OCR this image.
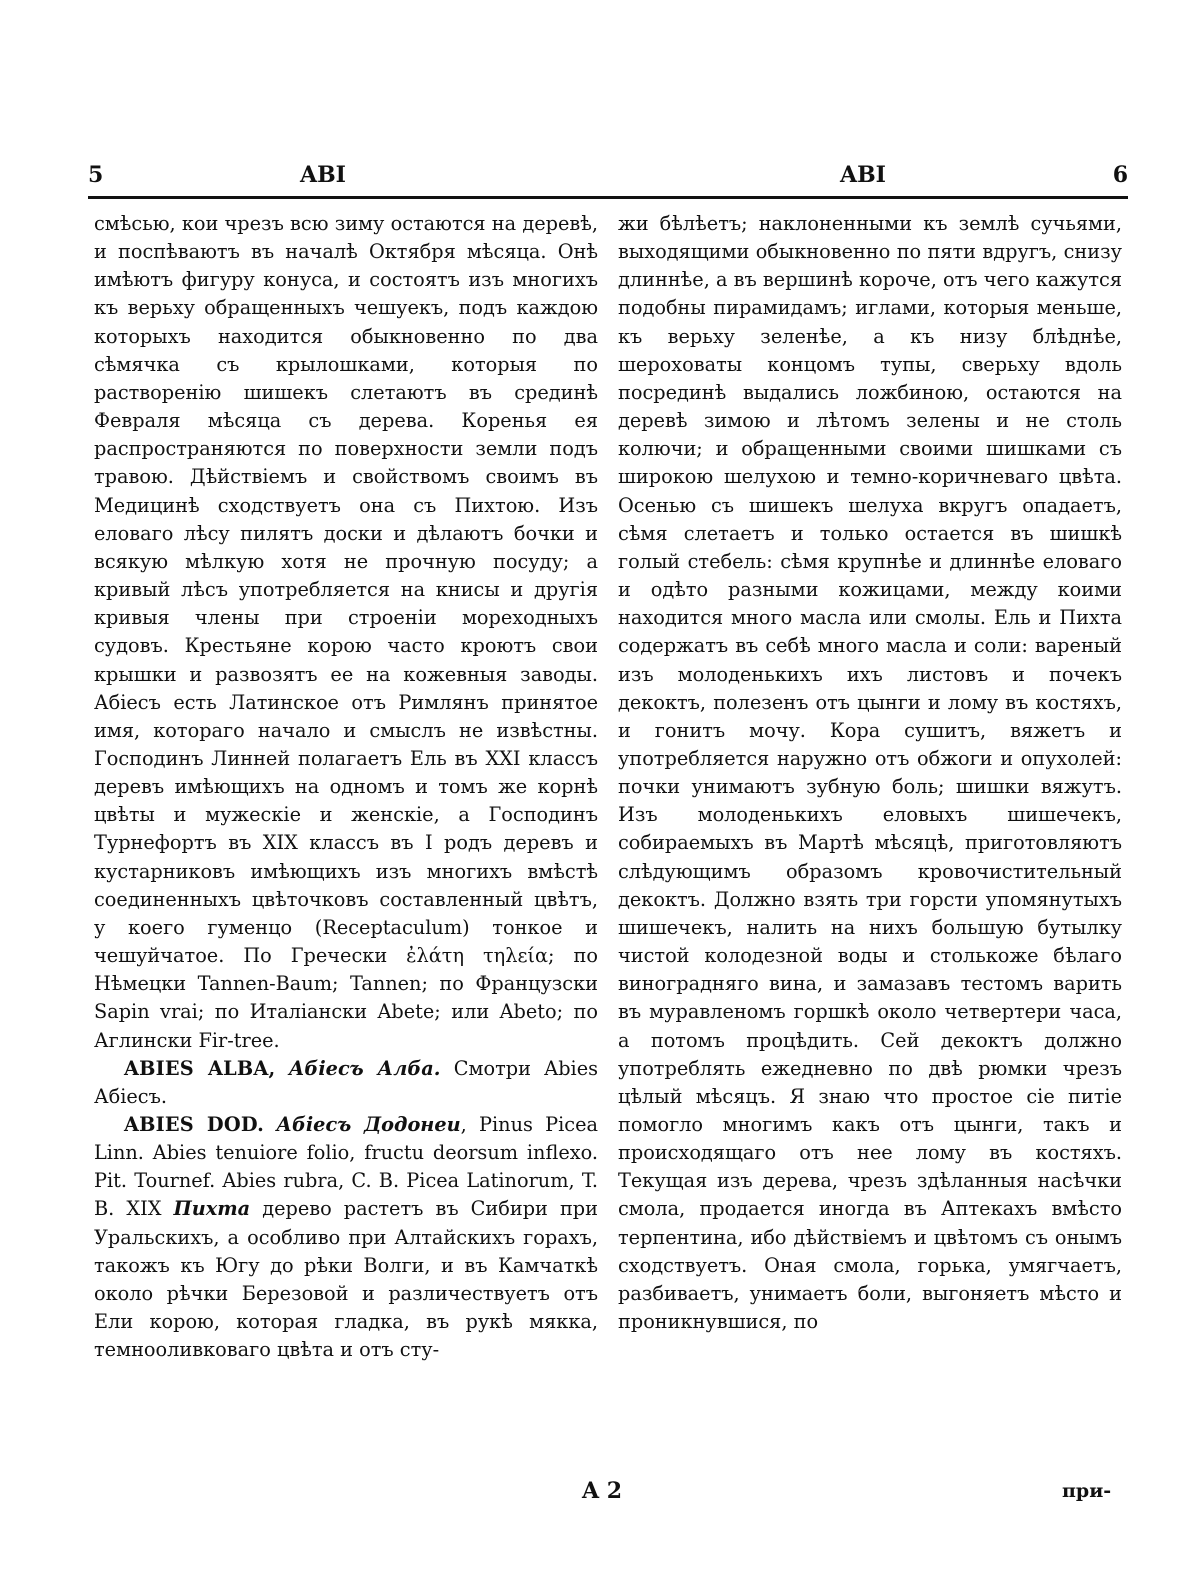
5	ABI	ABI	6

смѣсью, кои чрезъ всю зиму остаются на деревѣ, и поспѣваютъ въ началѣ Октября мѣсяца. Онѣ имѣютъ фигуру конуса, и состоятъ изъ многихъ къ верьху обращенныхъ чешуекъ, подъ каждою которыхъ находится обыкновенно по два сѣмячка съ крылошками, которыя по растворенію шишекъ слетаютъ въ срединѣ Февраля мѣсяца съ дерева. Коренья ея распространяются по поверхности земли подъ травою. Дѣйствіемъ и свойствомъ своимъ въ Медицинѣ сходствуетъ она съ Пихтою. Изъ еловаго лѣсу пилятъ доски и дѣлаютъ бочки и всякую мѣлкую хотя не прочную посуду; а кривый лѣсъ употребляется на книсы и другія кривыя члены при строеніи мореходныхъ судовъ. Крестьяне корою часто кроютъ свои крышки и развозятъ ее на кожевныя заводы. Абіесъ есть Латинское отъ Римлянъ принятое имя, котораго начало и смыслъ не извѣстны. Господинъ Линней полагаетъ Ель въ XXI классъ деревъ имѣющихъ на одномъ и томъ же корнѣ цвѣты и мужескіе и женскіе, а Господинъ Турнефортъ въ XIX классъ въ I родъ деревъ и кустарниковъ имѣющихъ изъ многихъ вмѣстѣ соединенныхъ цвѣточковъ составленный цвѣтъ, у коего гуменцо (Receptaculum) тонкое и чешуйчатое. По Гречески ἐλάτη τηλεία; по Нѣмецки Tannen-Baum; Tannen; по Французски Sapin vrai; по Италіански Abete; или Abeto; по Аглински Fir-tree.

ABIES ALBA, Абіесъ Алба. Смотри Abies Абіесъ.

ABIES DOD. Абіесъ Додонеи, Pinus Picea Linn. Abies tenuiore folio, fructu deorsum inflexo. Pit. Tournef. Abies rubra, C. B. Picea Latinorum, T. B. XIX Пихта дерево растетъ въ Сибири при Уральскихъ, а особливо при Алтайскихъ горахъ, такожъ къ Югу до рѣки Волги, и въ Камчаткѣ около рѣчки Березовой и различествуетъ отъ Ели корою, которая гладка, въ рукѣ мякка, темнооливковаго цвѣта и отъ сту-

жи бѣлѣетъ; наклоненными къ землѣ сучьями, выходящими обыкновенно по пяти вдругъ, снизу длиннѣе, а въ вершинѣ короче, отъ чего кажутся подобны пирамидамъ; иглами, которыя меньше, къ верьху зеленѣе, а къ низу блѣднѣе, шероховаты концомъ тупы, сверьху вдоль посрединѣ выдались ложбиною, остаются на деревѣ зимою и лѣтомъ зелены и не столь колючи; и обращенными своими шишками съ широкою шелухою и темно-коричневаго цвѣта. Осенью съ шишекъ шелуха вкругъ опадаетъ, сѣмя слетаетъ и только остается въ шишкѣ голый стебель: сѣмя крупнѣе и длиннѣе еловаго и одѣто разными кожицами, между коими находится много масла или смолы. Ель и Пихта содержатъ въ себѣ много масла и соли: вареный изъ молоденькихъ ихъ листовъ и почекъ декоктъ, полезенъ отъ цынги и лому въ костяхъ, и гонитъ мочу. Кора сушитъ, вяжетъ и употребляется наружно отъ обжоги и опухолей: почки унимаютъ зубную боль; шишки вяжутъ. Изъ молоденькихъ еловыхъ шишечекъ, собираемыхъ въ Мартѣ мѣсяцѣ, приготовляютъ слѣдующимъ образомъ кровочистительный декоктъ. Должно взять три горсти упомянутыхъ шишечекъ, налить на нихъ большую бутылку чистой колодезной воды и столькоже бѣлаго виноградняго вина, и замазавъ тестомъ варить въ муравленомъ горшкѣ около четвертери часа, а потомъ процѣдить. Сей декоктъ должно употреблять ежедневно по двѣ рюмки чрезъ цѣлый мѣсяцъ. Я знаю что простое сіе питіе помогло многимъ какъ отъ цынги, такъ и происходящаго отъ нее лому въ костяхъ. Текущая изъ дерева, чрезъ здѣланныя насѣчки смола, продается иногда въ Аптекахъ вмѣсто терпентина, ибо дѣйствіемъ и цвѣтомъ съ онымъ сходствуетъ. Оная смола, горька, умягчаетъ, разбиваетъ, унимаетъ боли, выгоняетъ мѣсто и проникнувшися, по

A 2	при-
